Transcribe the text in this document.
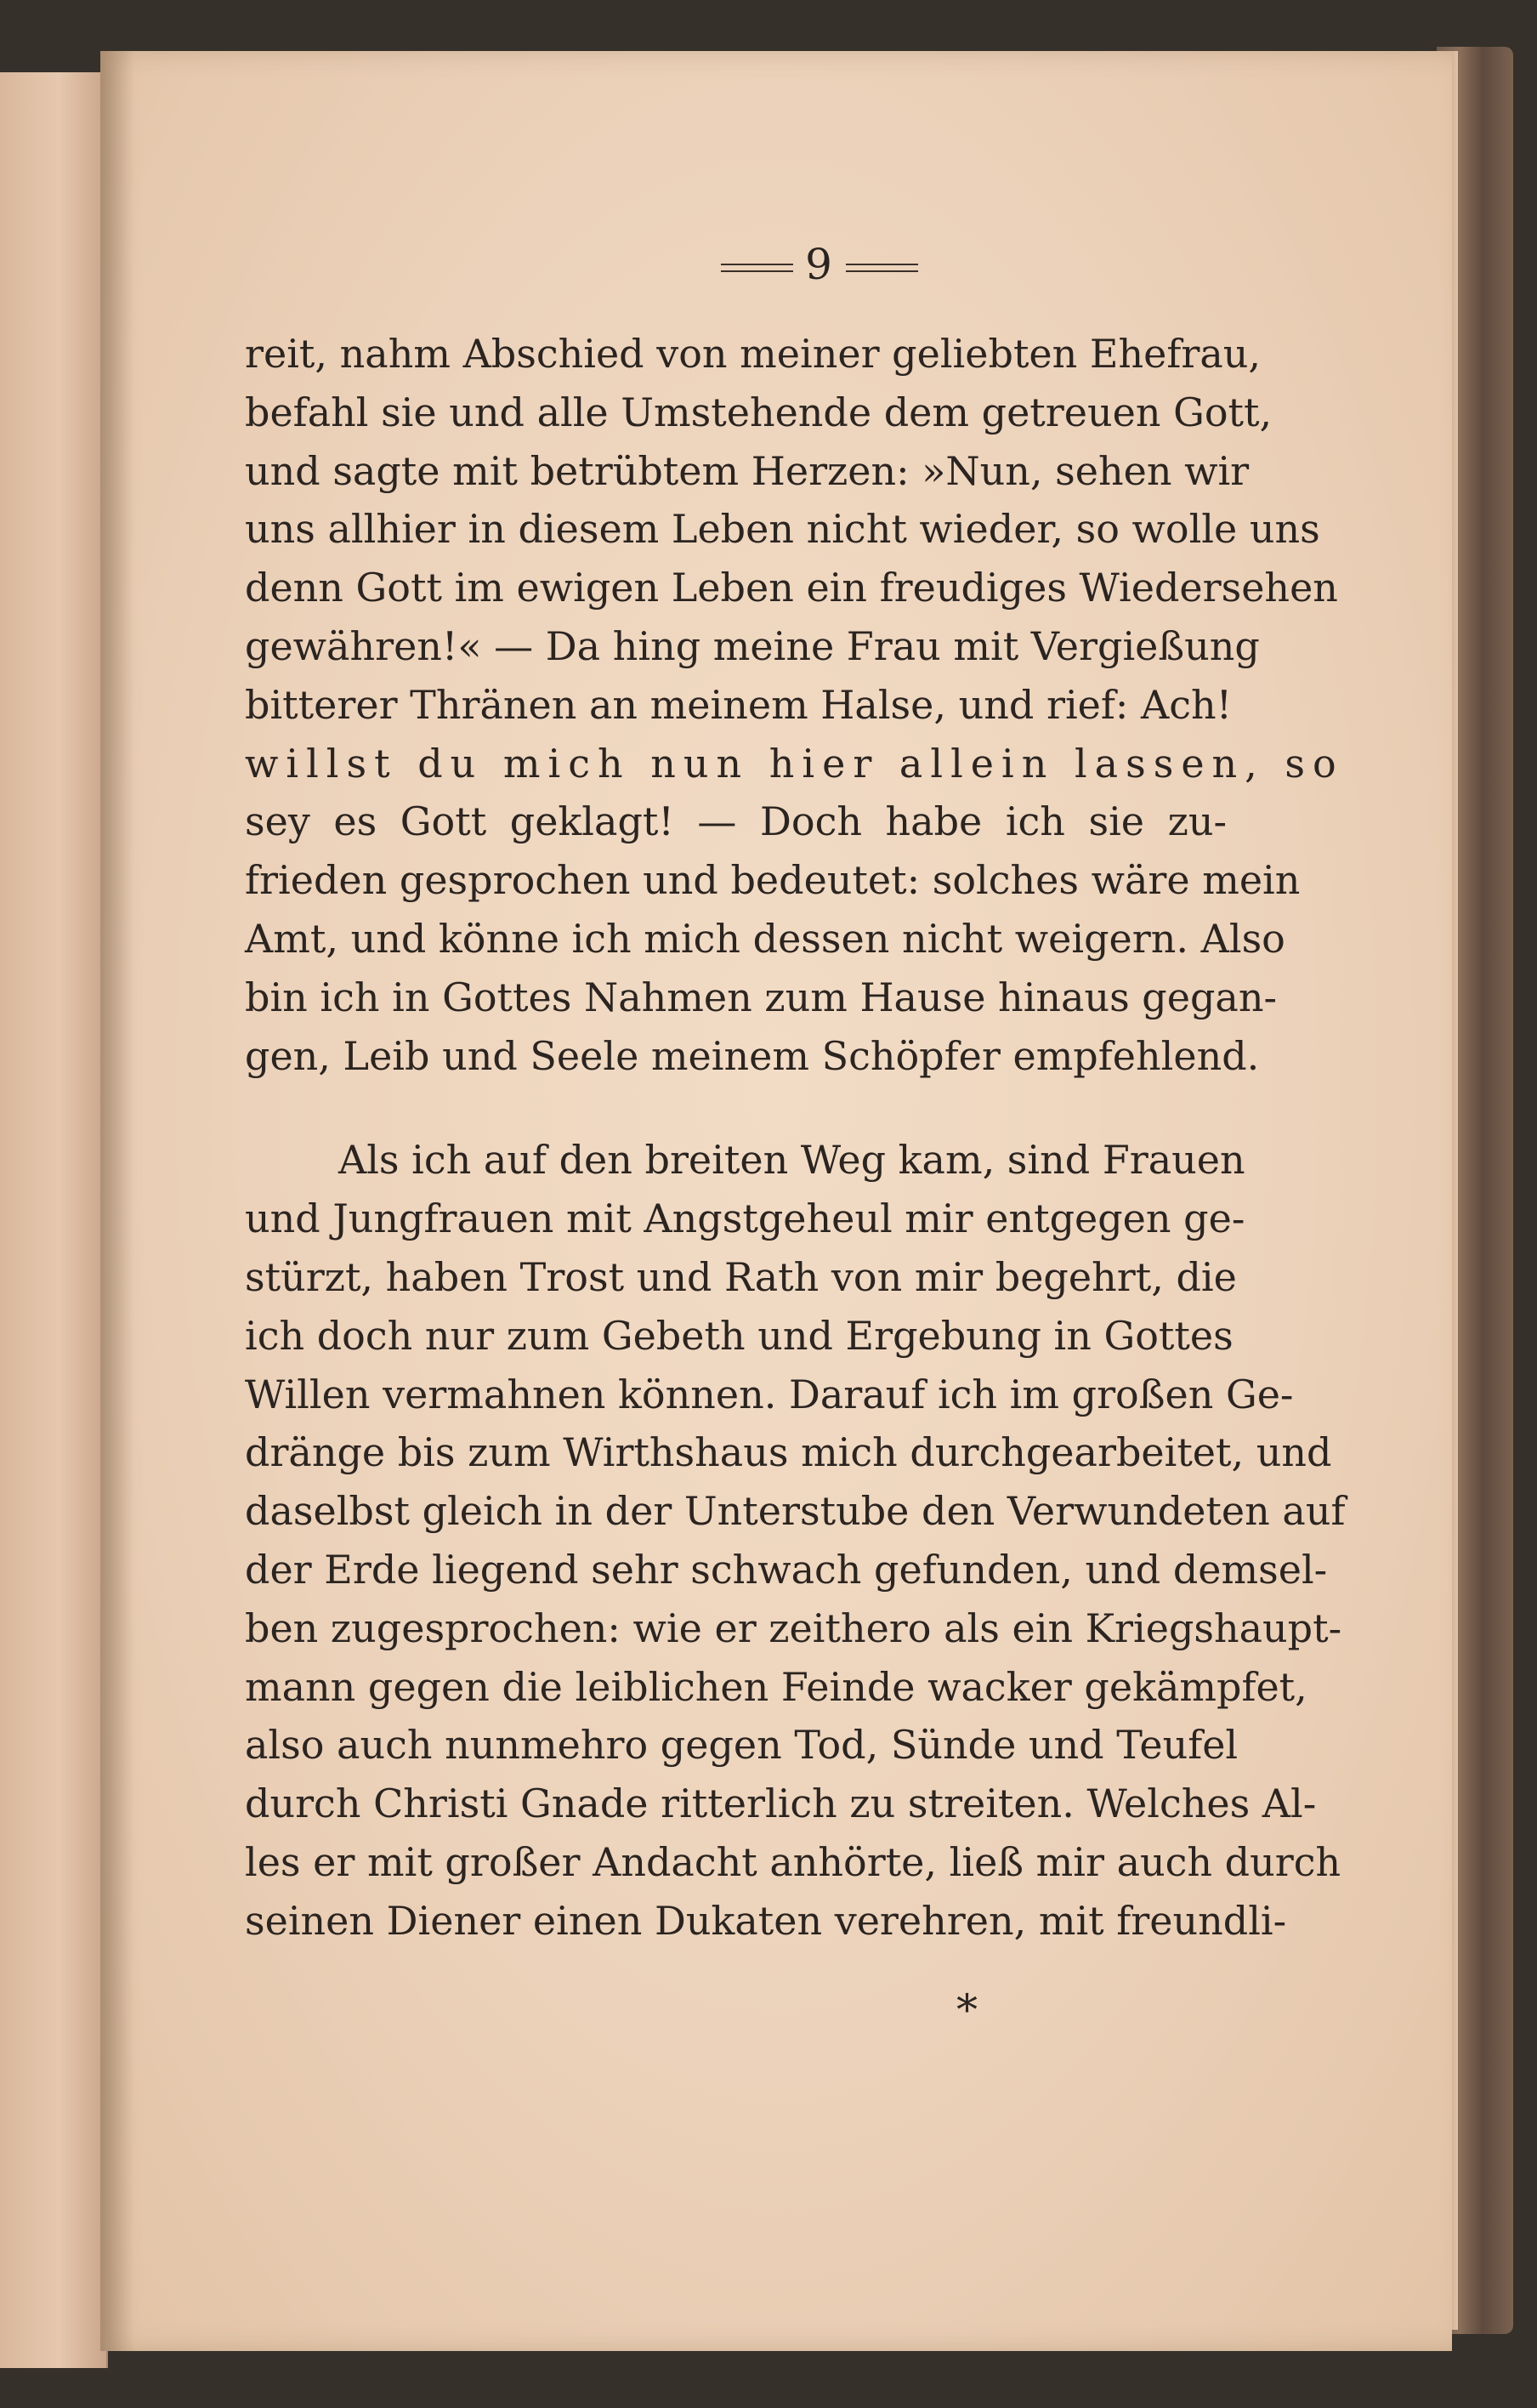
9
reit, nahm Abschied von meiner geliebten Ehefrau,
befahl sie und alle Umstehende dem getreuen Gott,
und sagte mit betrübtem Herzen: »Nun, sehen wir
uns allhier in diesem Leben nicht wieder, so wolle uns
denn Gott im ewigen Leben ein freudiges Wiedersehen
gewähren!« — Da hing meine Frau mit Vergießung
bitterer Thränen an meinem Halse, und rief: Ach!
willst du mich nun hier allein lassen, so
sey es Gott geklagt! — Doch habe ich sie zu-
frieden gesprochen und bedeutet: solches wäre mein
Amt, und könne ich mich dessen nicht weigern. Also
bin ich in Gottes Nahmen zum Hause hinaus gegan-
gen, Leib und Seele meinem Schöpfer empfehlend.
Als ich auf den breiten Weg kam, sind Frauen
und Jungfrauen mit Angstgeheul mir entgegen ge-
stürzt, haben Trost und Rath von mir begehrt, die
ich doch nur zum Gebeth und Ergebung in Gottes
Willen vermahnen können. Darauf ich im großen Ge-
dränge bis zum Wirthshaus mich durchgearbeitet, und
daselbst gleich in der Unterstube den Verwundeten auf
der Erde liegend sehr schwach gefunden, und demsel-
ben zugesprochen: wie er zeithero als ein Kriegshaupt-
mann gegen die leiblichen Feinde wacker gekämpfet,
also auch nunmehro gegen Tod, Sünde und Teufel
durch Christi Gnade ritterlich zu streiten. Welches Al-
les er mit großer Andacht anhörte, ließ mir auch durch
seinen Diener einen Dukaten verehren, mit freundli-
*
